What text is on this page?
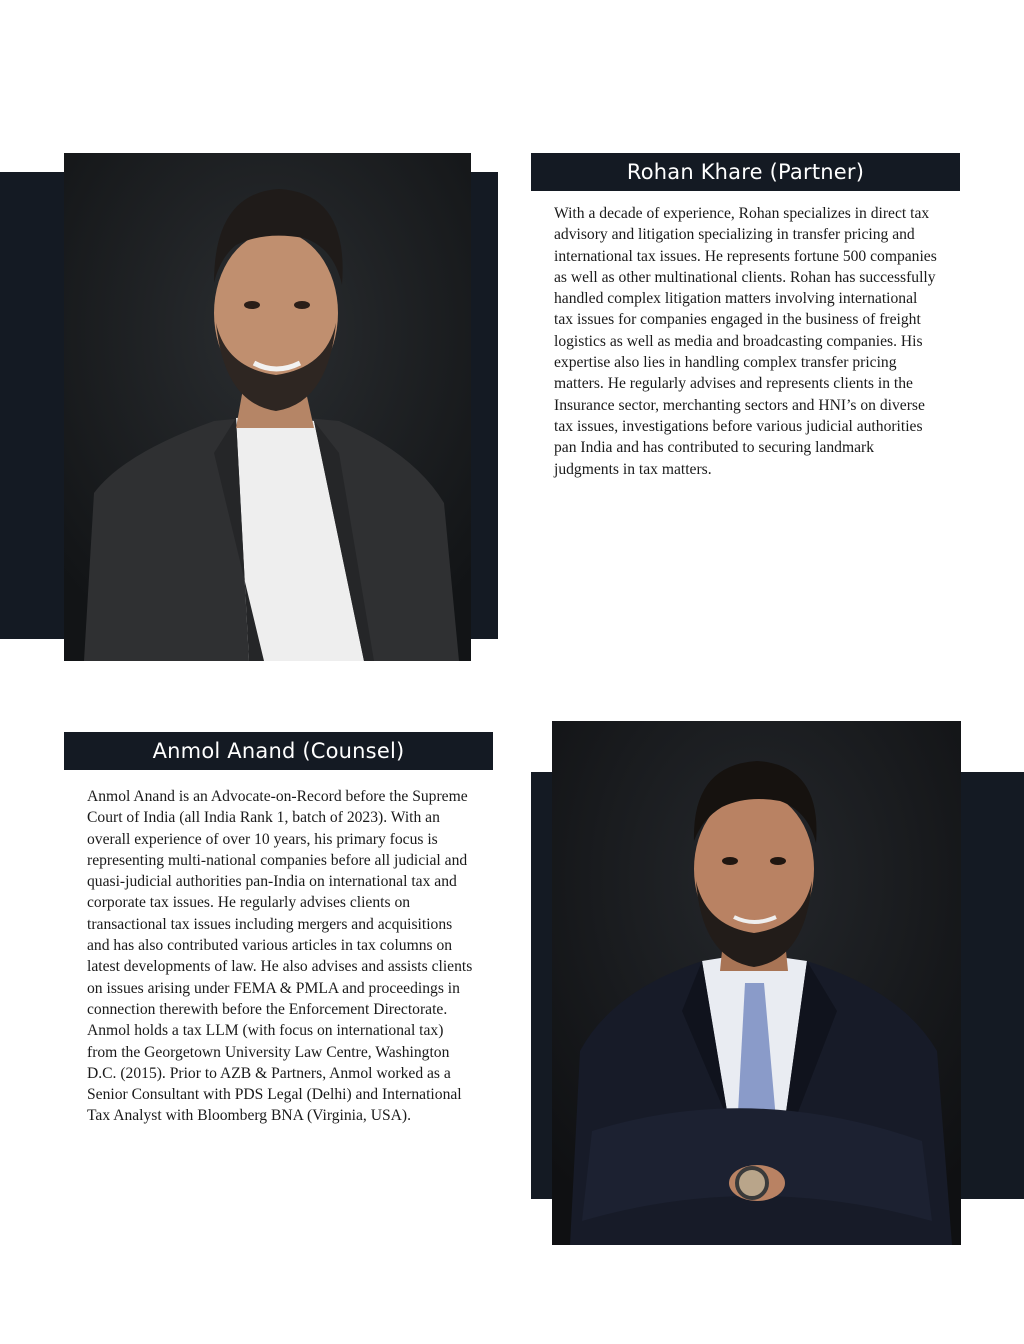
Rohan Khare (Partner)

With a decade of experience, Rohan specializes in direct tax advisory and litigation specializing in transfer pricing and international tax issues. He represents fortune 500 companies as well as other multinational clients. Rohan has successfully handled complex litigation matters involving international tax issues for companies engaged in the business of freight logistics as well as media and broadcasting companies. His expertise also lies in handling complex transfer pricing matters. He regularly advises and represents clients in the Insurance sector, merchanting sectors and HNI’s on diverse tax issues, investigations before various judicial authorities pan India and has contributed to securing landmark judgments in tax matters.

Anmol Anand (Counsel)

Anmol Anand is an Advocate-on-Record before the Supreme Court of India (all India Rank 1, batch of 2023). With an overall experience of over 10 years, his primary focus is representing multi-national companies before all judicial and quasi-judicial authorities pan-India on international tax and corporate tax issues. He regularly advises clients on transactional tax issues including mergers and acquisitions and has also contributed various articles in tax columns on latest developments of law. He also advises and assists clients on issues arising under FEMA & PMLA and proceedings in connection therewith before the Enforcement Directorate. Anmol holds a tax LLM (with focus on international tax) from the Georgetown University Law Centre, Washington D.C. (2015). Prior to AZB & Partners, Anmol worked as a Senior Consultant with PDS Legal (Delhi) and International Tax Analyst with Bloomberg BNA (Virginia, USA).
